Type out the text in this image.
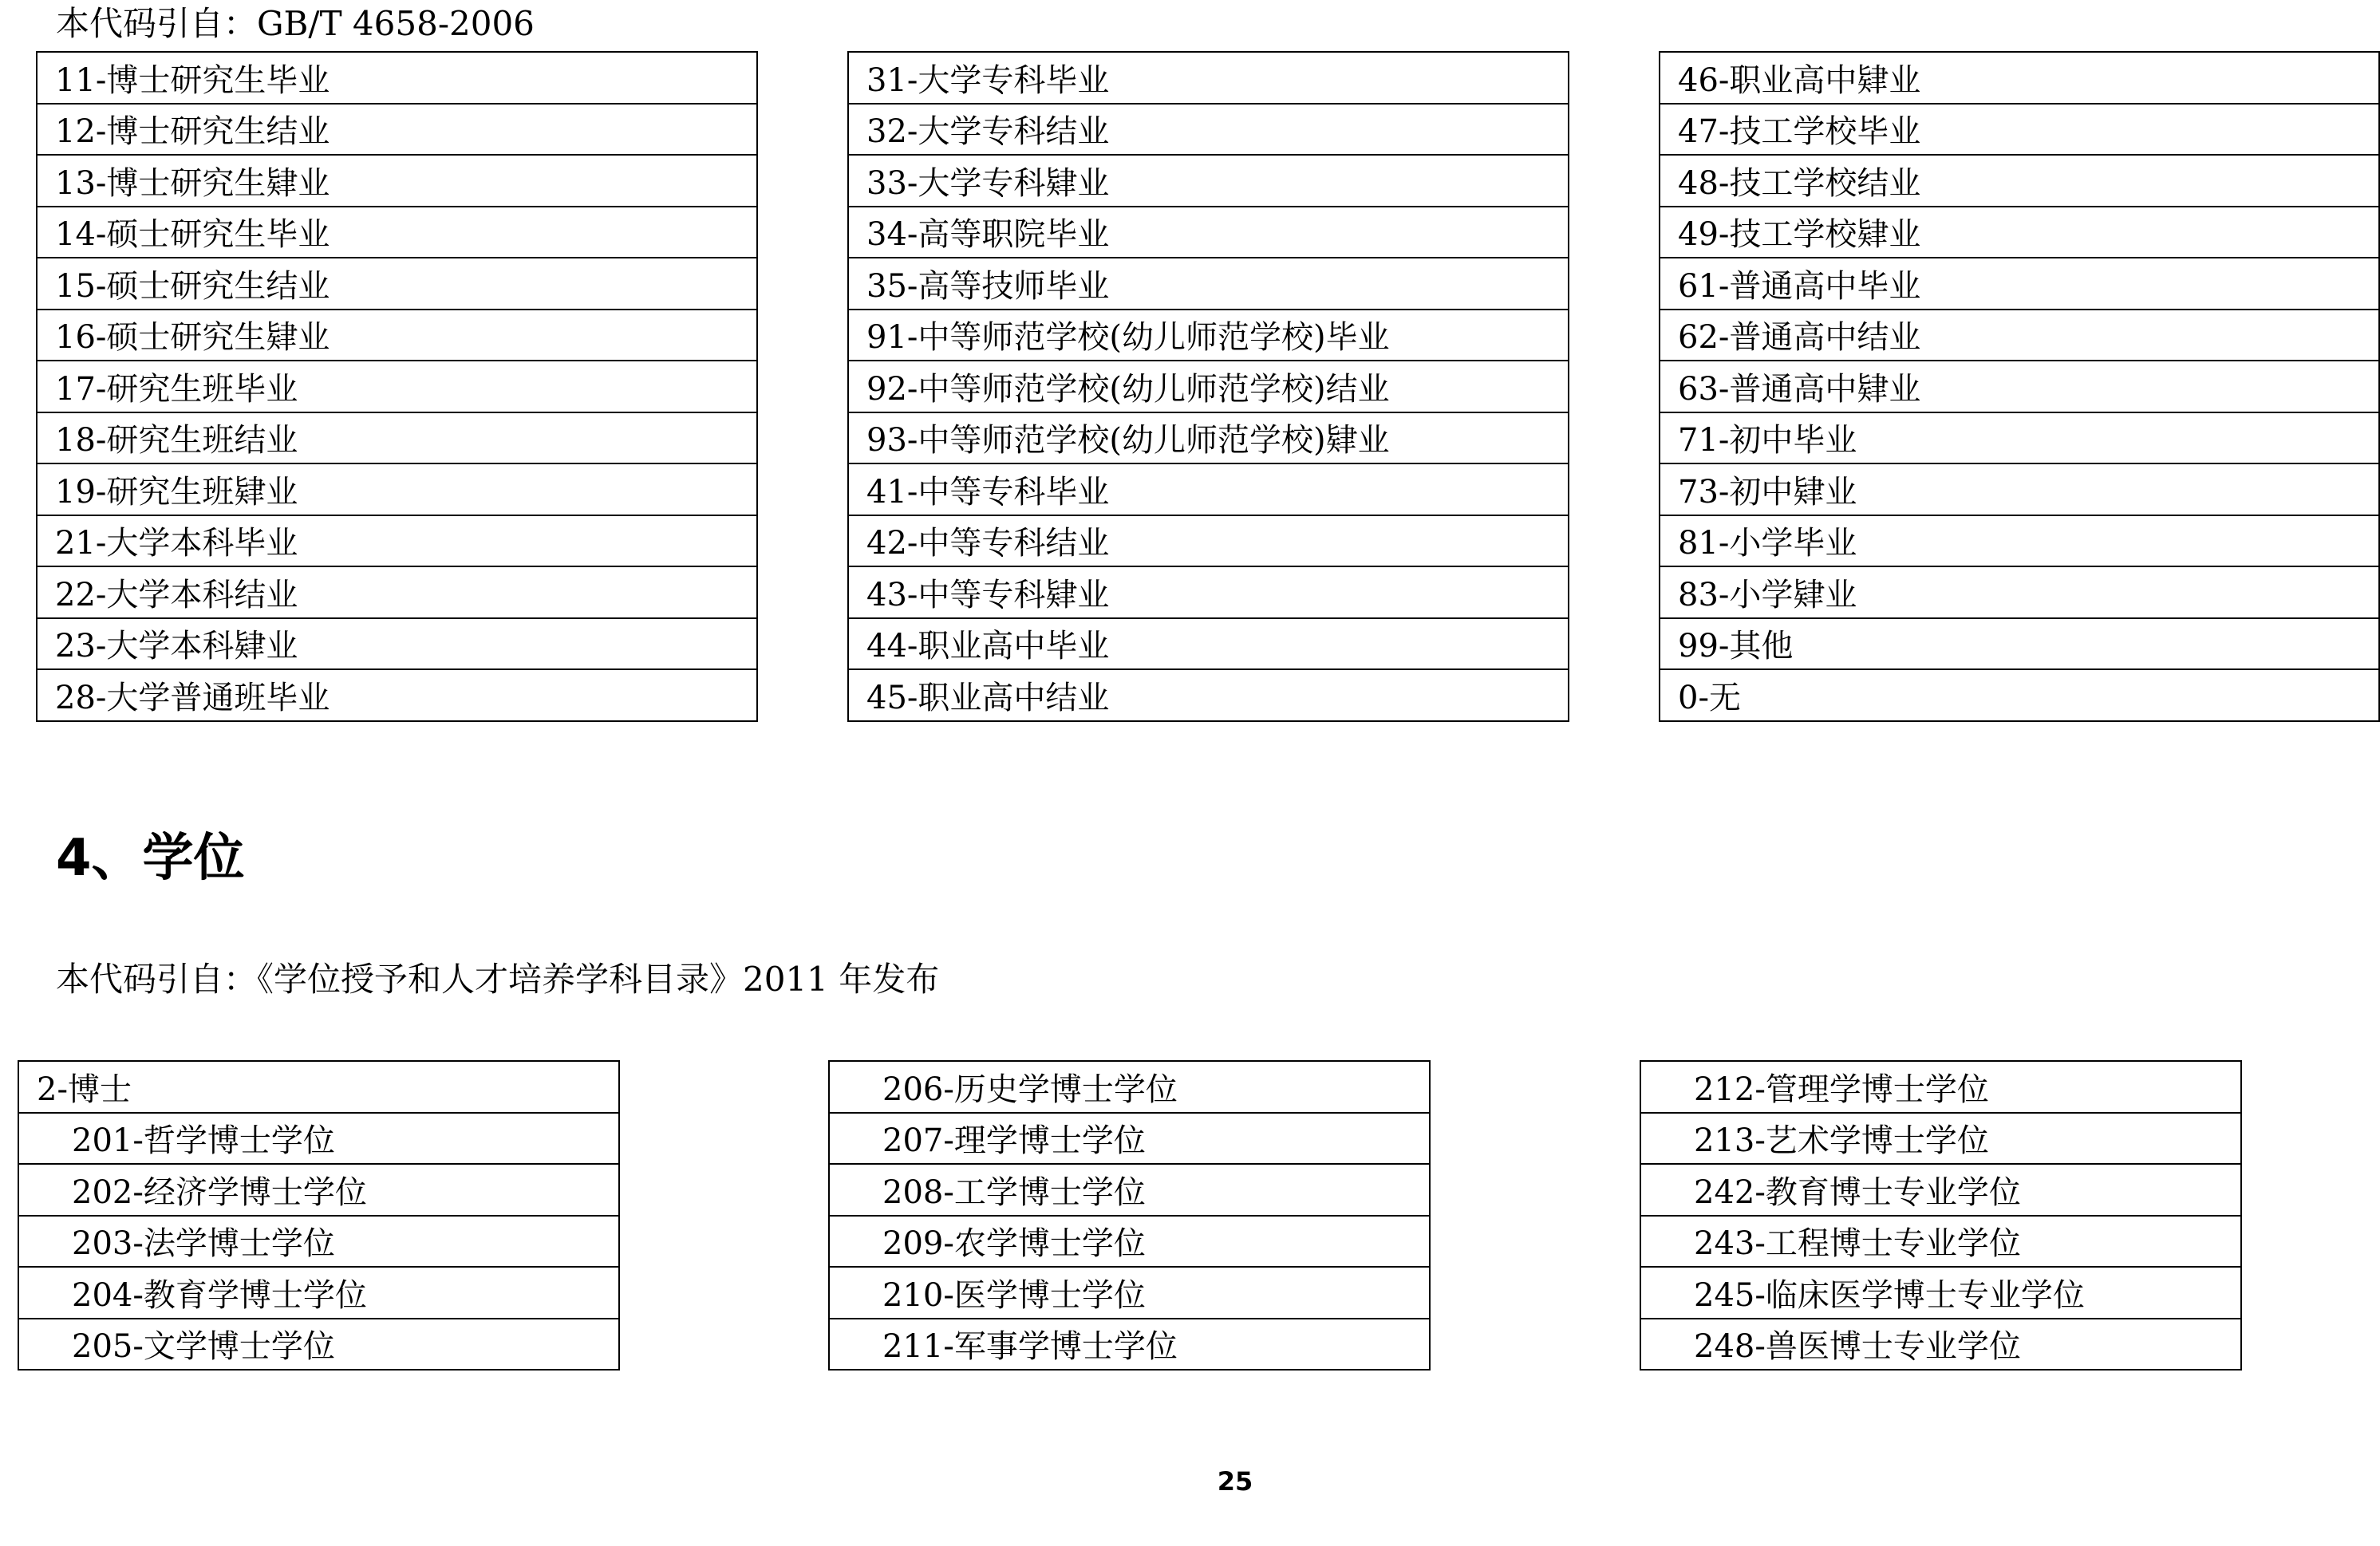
本代码引自：GB/T 4658-2006
11-博士研究生毕业
12-博士研究生结业
13-博士研究生肄业
14-硕士研究生毕业
15-硕士研究生结业
16-硕士研究生肄业
17-研究生班毕业
18-研究生班结业
19-研究生班肄业
21-大学本科毕业
22-大学本科结业
23-大学本科肄业
28-大学普通班毕业
31-大学专科毕业
32-大学专科结业
33-大学专科肄业
34-高等职院毕业
35-高等技师毕业
91-中等师范学校(幼儿师范学校)毕业
92-中等师范学校(幼儿师范学校)结业
93-中等师范学校(幼儿师范学校)肄业
41-中等专科毕业
42-中等专科结业
43-中等专科肄业
44-职业高中毕业
45-职业高中结业
46-职业高中肄业
47-技工学校毕业
48-技工学校结业
49-技工学校肄业
61-普通高中毕业
62-普通高中结业
63-普通高中肄业
71-初中毕业
73-初中肄业
81-小学毕业
83-小学肄业
99-其他
0-无
4、学位
本代码引自：《学位授予和人才培养学科目录》2011 年发布
2-博士
201-哲学博士学位
202-经济学博士学位
203-法学博士学位
204-教育学博士学位
205-文学博士学位
206-历史学博士学位
207-理学博士学位
208-工学博士学位
209-农学博士学位
210-医学博士学位
211-军事学博士学位
212-管理学博士学位
213-艺术学博士学位
242-教育博士专业学位
243-工程博士专业学位
245-临床医学博士专业学位
248-兽医博士专业学位
25
